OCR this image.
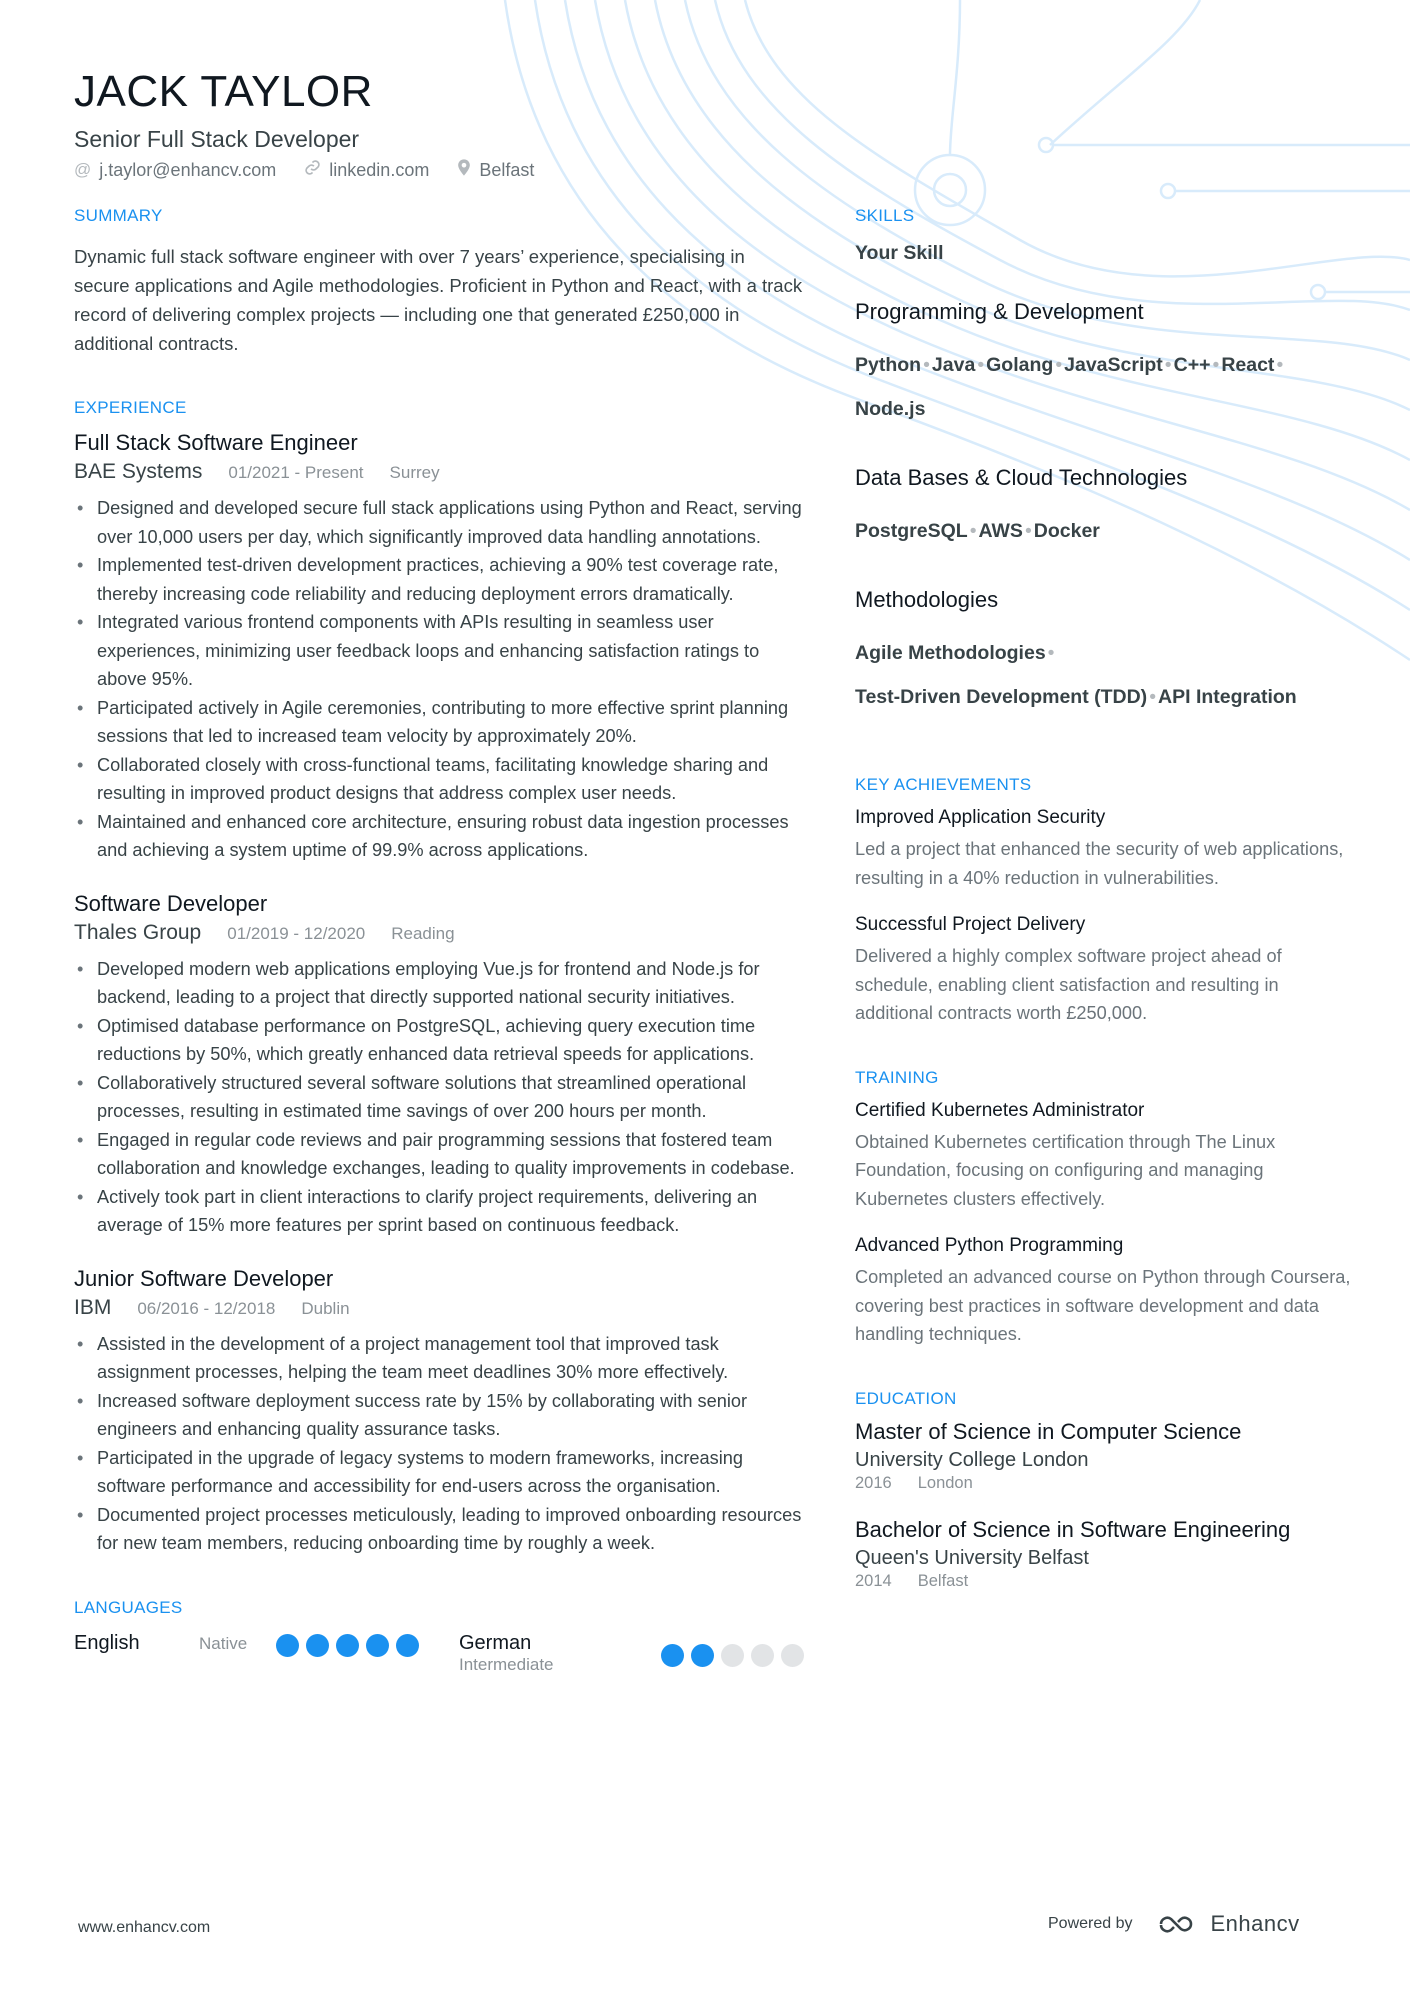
JACK TAYLOR
Senior Full Stack Developer
@ j.taylor@enhancv.com	linkedin.com	Belfast
SUMMARY
Dynamic full stack software engineer with over 7 years’ experience, specialising in secure applications and Agile methodologies. Proficient in Python and React, with a track record of delivering complex projects — including one that generated £250,000 in additional contracts.
EXPERIENCE
Full Stack Software Engineer
BAE Systems 01/2021 - Present Surrey
• Designed and developed secure full stack applications using Python and React, serving over 10,000 users per day, which significantly improved data handling annotations.
• Implemented test-driven development practices, achieving a 90% test coverage rate, thereby increasing code reliability and reducing deployment errors dramatically.
• Integrated various frontend components with APIs resulting in seamless user experiences, minimizing user feedback loops and enhancing satisfaction ratings to above 95%.
• Participated actively in Agile ceremonies, contributing to more effective sprint planning sessions that led to increased team velocity by approximately 20%.
• Collaborated closely with cross-functional teams, facilitating knowledge sharing and resulting in improved product designs that address complex user needs.
• Maintained and enhanced core architecture, ensuring robust data ingestion processes and achieving a system uptime of 99.9% across applications.
Software Developer
Thales Group 01/2019 - 12/2020 Reading
• Developed modern web applications employing Vue.js for frontend and Node.js for backend, leading to a project that directly supported national security initiatives.
• Optimised database performance on PostgreSQL, achieving query execution time reductions by 50%, which greatly enhanced data retrieval speeds for applications.
• Collaboratively structured several software solutions that streamlined operational processes, resulting in estimated time savings of over 200 hours per month.
• Engaged in regular code reviews and pair programming sessions that fostered team collaboration and knowledge exchanges, leading to quality improvements in codebase.
• Actively took part in client interactions to clarify project requirements, delivering an average of 15% more features per sprint based on continuous feedback.
Junior Software Developer
IBM 06/2016 - 12/2018 Dublin
• Assisted in the development of a project management tool that improved task assignment processes, helping the team meet deadlines 30% more effectively.
• Increased software deployment success rate by 15% by collaborating with senior engineers and enhancing quality assurance tasks.
• Participated in the upgrade of legacy systems to modern frameworks, increasing software performance and accessibility for end-users across the organisation.
• Documented project processes meticulously, leading to improved onboarding resources for new team members, reducing onboarding time by roughly a week.
LANGUAGES
English	Native	German
Intermediate
SKILLS
Your Skill
Programming & Development
Python • Java • Golang • JavaScript • C++ • React •
Node.js
Data Bases & Cloud Technologies
PostgreSQL • AWS • Docker
Methodologies
Agile Methodologies •
Test-Driven Development (TDD) • API Integration
KEY ACHIEVEMENTS
Improved Application Security
Led a project that enhanced the security of web applications, resulting in a 40% reduction in vulnerabilities.
Successful Project Delivery
Delivered a highly complex software project ahead of schedule, enabling client satisfaction and resulting in additional contracts worth £250,000.
TRAINING
Certified Kubernetes Administrator
Obtained Kubernetes certification through The Linux Foundation, focusing on configuring and managing Kubernetes clusters effectively.
Advanced Python Programming
Completed an advanced course on Python through Coursera, covering best practices in software development and data handling techniques.
EDUCATION
Master of Science in Computer Science
University College London
2016 London
Bachelor of Science in Software Engineering
Queen's University Belfast
2014 Belfast
www.enhancv.com	Powered by	Enhancv
